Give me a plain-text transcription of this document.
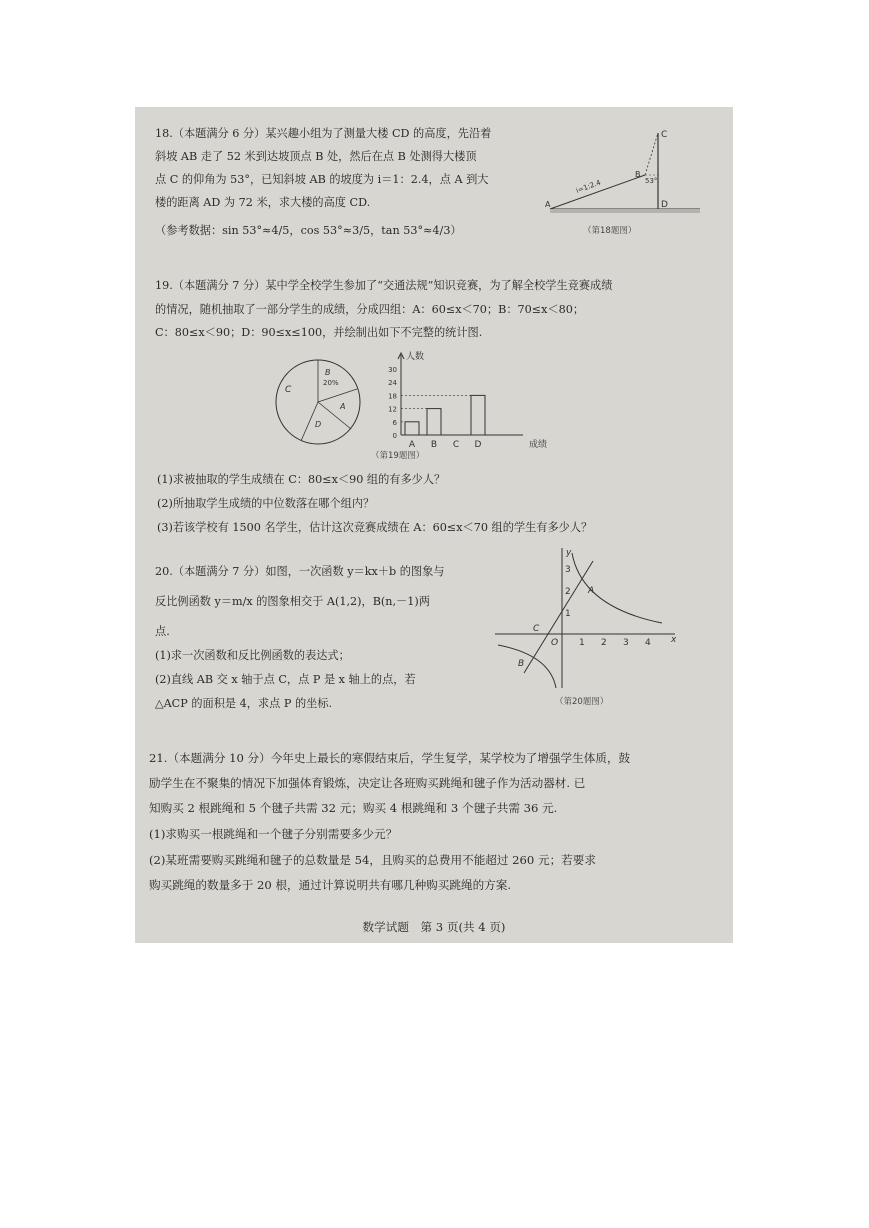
18.（本题满分 6 分）某兴趣小组为了测量大楼 CD 的高度，先沿着
斜坡 AB 走了 52 米到达坡顶点 B 处，然后在点 B 处测得大楼顶
点 C 的仰角为 53°，已知斜坡 AB 的坡度为 i＝1：2.4，点 A 到大
楼的距离 AD 为 72 米，求大楼的高度 CD.
（参考数据：sin 53°≈4/5，cos 53°≈3/5，tan 53°≈4/3）
C
B
53°
i=1:2.4
A	D
（第18题图）
19.（本题满分 7 分）某中学全校学生参加了“交通法规”知识竞赛，为了解全校学生竞赛成绩
的情况，随机抽取了一部分学生的成绩，分成四组：A：60≤x＜70；B：70≤x＜80；
C：80≤x＜90；D：90≤x≤100，并绘制出如下不完整的统计图.
C
B
20%
A
D
人数
成绩
0
6
12
18
24
30
A B C D
（第19题图）
(1)求被抽取的学生成绩在 C：80≤x＜90 组的有多少人？
(2)所抽取学生成绩的中位数落在哪个组内？
(3)若该学校有 1500 名学生，估计这次竞赛成绩在 A：60≤x＜70 组的学生有多少人？
20.（本题满分 7 分）如图，一次函数 y＝kx＋b 的图象与
反比例函数 y＝m/x 的图象相交于 A(1,2)，B(n,－1)两
点.
(1)求一次函数和反比例函数的表达式；
(2)直线 AB 交 x 轴于点 C，点 P 是 x 轴上的点，若
△ACP 的面积是 4，求点 P 的坐标.
y
x
O 1 2 3 4
1
2
3
A
B
C
（第20题图）
21.（本题满分 10 分）今年史上最长的寒假结束后，学生复学，某学校为了增强学生体质，鼓
励学生在不聚集的情况下加强体育锻炼，决定让各班购买跳绳和毽子作为活动器材. 已
知购买 2 根跳绳和 5 个毽子共需 32 元；购买 4 根跳绳和 3 个毽子共需 36 元.
(1)求购买一根跳绳和一个毽子分别需要多少元？
(2)某班需要购买跳绳和毽子的总数量是 54，且购买的总费用不能超过 260 元；若要求
购买跳绳的数量多于 20 根，通过计算说明共有哪几种购买跳绳的方案.
数学试题　第 3 页(共 4 页)
